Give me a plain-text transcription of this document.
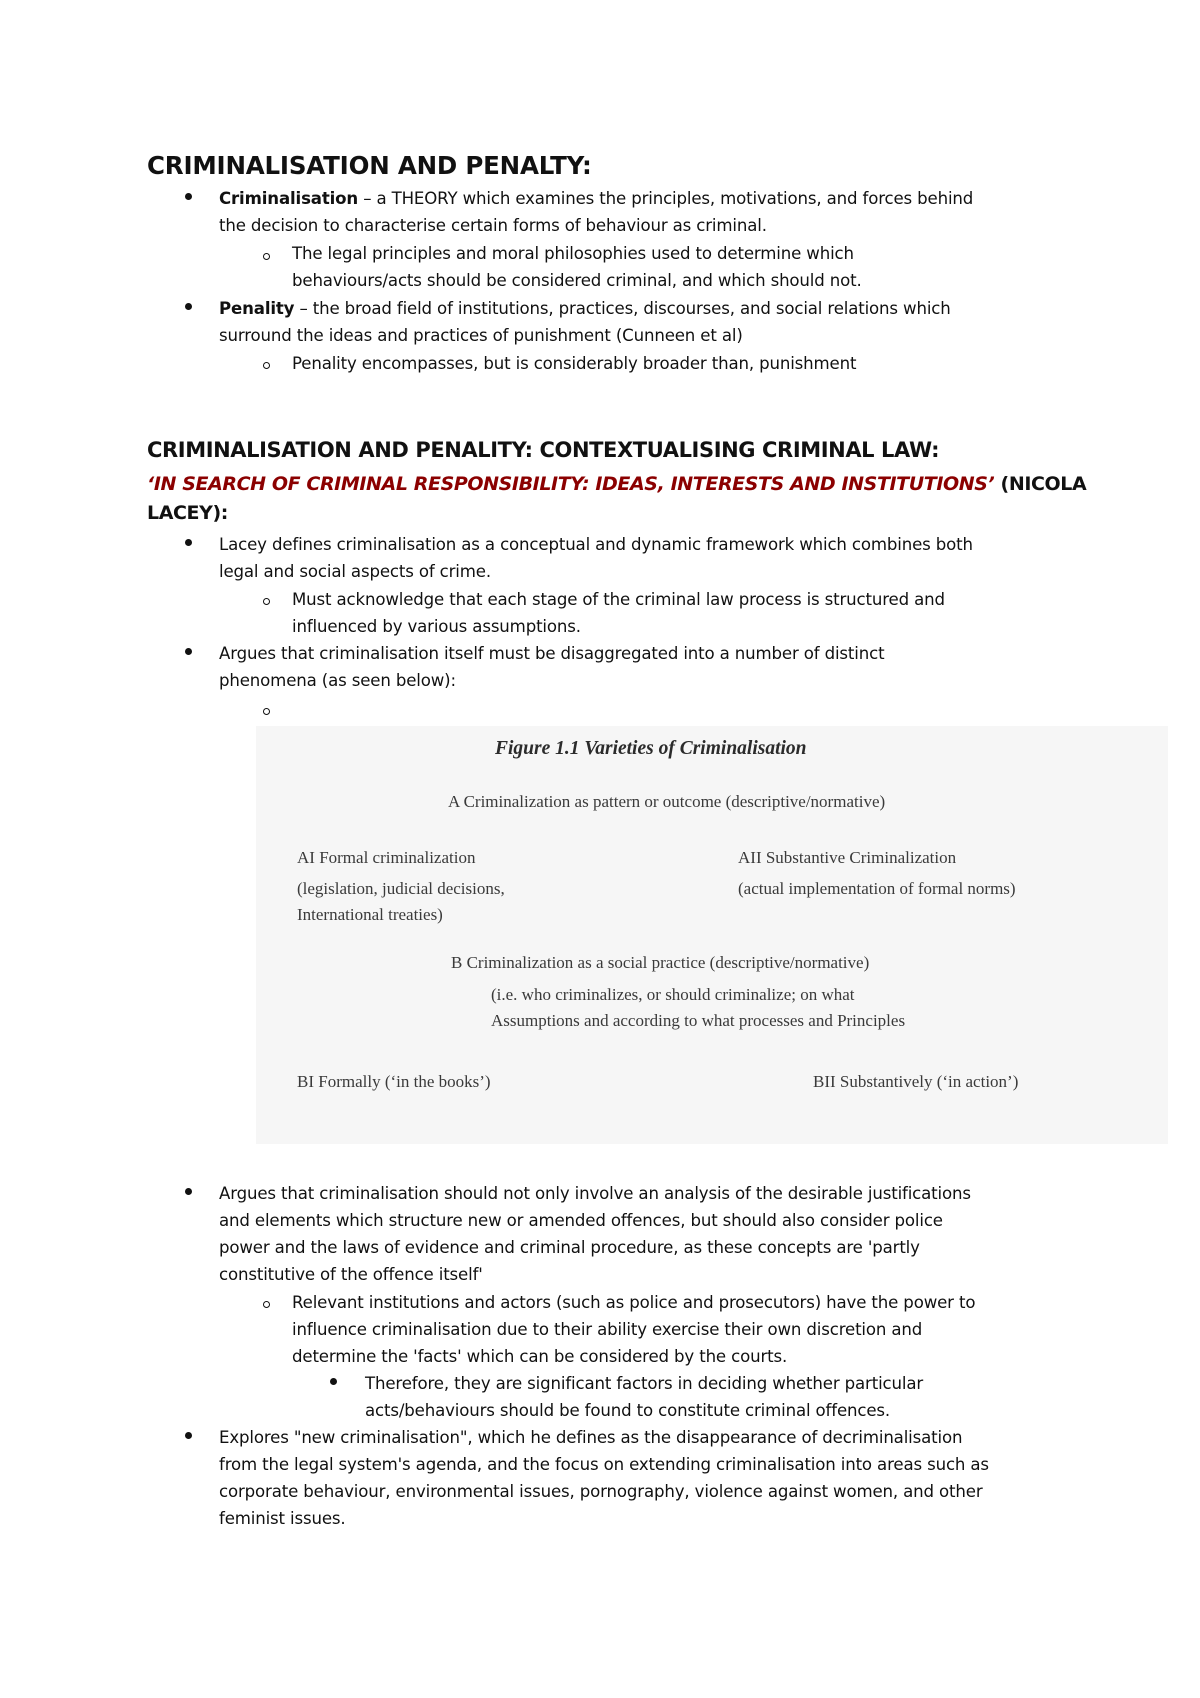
CRIMINALISATION AND PENALTY:
Criminalisation – a THEORY which examines the principles, motivations, and forces behind
the decision to characterise certain forms of behaviour as criminal.
The legal principles and moral philosophies used to determine which
behaviours/acts should be considered criminal, and which should not.
Penality – the broad field of institutions, practices, discourses, and social relations which
surround the ideas and practices of punishment (Cunneen et al)
Penality encompasses, but is considerably broader than, punishment
CRIMINALISATION AND PENALITY: CONTEXTUALISING CRIMINAL LAW:
‘IN SEARCH OF CRIMINAL RESPONSIBILITY: IDEAS, INTERESTS AND INSTITUTIONS’ (NICOLA
LACEY):
Lacey defines criminalisation as a conceptual and dynamic framework which combines both
legal and social aspects of crime.
Must acknowledge that each stage of the criminal law process is structured and
influenced by various assumptions.
Argues that criminalisation itself must be disaggregated into a number of distinct
phenomena (as seen below):
Figure 1.1 Varieties of Criminalisation
A Criminalization as pattern or outcome (descriptive/normative)
AI Formal criminalization
(legislation, judicial decisions,
International treaties)
AII Substantive Criminalization
(actual implementation of formal norms)
B Criminalization as a social practice (descriptive/normative)
(i.e. who criminalizes, or should criminalize; on what
Assumptions and according to what processes and Principles
BI Formally (‘in the books’)	BII Substantively (‘in action’)
Argues that criminalisation should not only involve an analysis of the desirable justifications
and elements which structure new or amended offences, but should also consider police
power and the laws of evidence and criminal procedure, as these concepts are 'partly
constitutive of the offence itself'
Relevant institutions and actors (such as police and prosecutors) have the power to
influence criminalisation due to their ability exercise their own discretion and
determine the 'facts' which can be considered by the courts.
Therefore, they are significant factors in deciding whether particular
acts/behaviours should be found to constitute criminal offences.
Explores "new criminalisation", which he defines as the disappearance of decriminalisation
from the legal system's agenda, and the focus on extending criminalisation into areas such as
corporate behaviour, environmental issues, pornography, violence against women, and other
feminist issues.
